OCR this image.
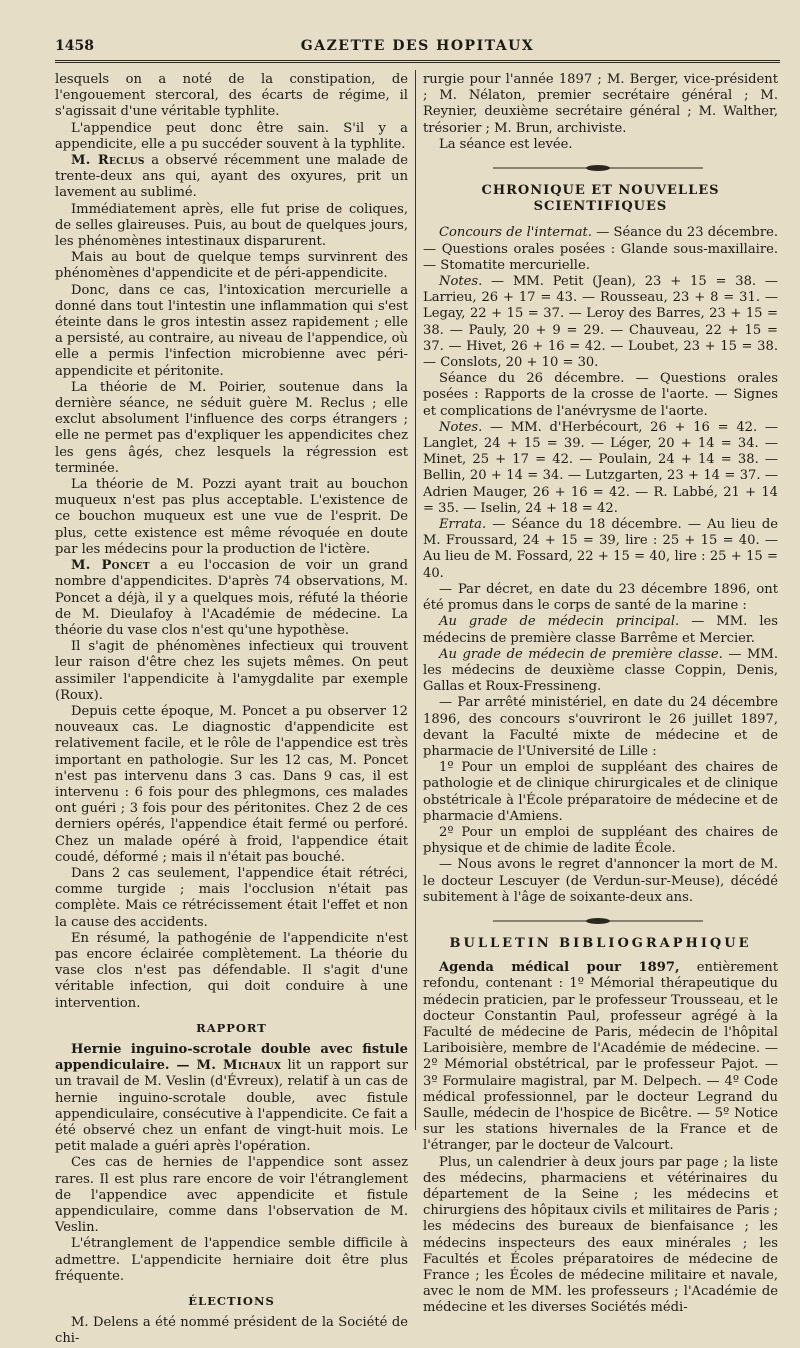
1458	GAZETTE DES HOPITAUX

lesquels on a noté de la constipation, de l'engouement stercoral, des écarts de régime, il s'agissait d'une véritable typhlite.

L'appendice peut donc être sain. S'il y a appendicite, elle a pu succéder souvent à la typhlite.

M. Reclus a observé récemment une malade de trente-deux ans qui, ayant des oxyures, prit un lavement au sublimé.

Immédiatement après, elle fut prise de coliques, de selles glaireuses. Puis, au bout de quelques jours, les phénomènes intestinaux disparurent.

Mais au bout de quelque temps survinrent des phénomènes d'appendicite et de péri-appendicite.

Donc, dans ce cas, l'intoxication mercurielle a donné dans tout l'intestin une inflammation qui s'est éteinte dans le gros intestin assez rapidement ; elle a persisté, au contraire, au niveau de l'appendice, où elle a permis l'infection microbienne avec péri-appendicite et péritonite.

La théorie de M. Poirier, soutenue dans la dernière séance, ne séduit guère M. Reclus ; elle exclut absolument l'influence des corps étrangers ; elle ne permet pas d'expliquer les appendicites chez les gens âgés, chez lesquels la régression est terminée.

La théorie de M. Pozzi ayant trait au bouchon muqueux n'est pas plus acceptable. L'existence de ce bouchon muqueux est une vue de l'esprit. De plus, cette existence est même révoquée en doute par les médecins pour la production de l'ictère.

M. Poncet a eu l'occasion de voir un grand nombre d'appendicites. D'après 74 observations, M. Poncet a déjà, il y a quelques mois, réfuté la théorie de M. Dieulafoy à l'Académie de médecine. La théorie du vase clos n'est qu'une hypothèse.

Il s'agit de phénomènes infectieux qui trouvent leur raison d'être chez les sujets mêmes. On peut assimiler l'appendicite à l'amygdalite par exemple (Roux).

Depuis cette époque, M. Poncet a pu observer 12 nouveaux cas. Le diagnostic d'appendicite est relativement facile, et le rôle de l'appendice est très important en pathologie. Sur les 12 cas, M. Poncet n'est pas intervenu dans 3 cas. Dans 9 cas, il est intervenu : 6 fois pour des phlegmons, ces malades ont guéri ; 3 fois pour des péritonites. Chez 2 de ces derniers opérés, l'appendice était fermé ou perforé. Chez un malade opéré à froid, l'appendice était coudé, déformé ; mais il n'était pas bouché.

Dans 2 cas seulement, l'appendice était rétréci, comme turgide ; mais l'occlusion n'était pas complète. Mais ce rétrécissement était l'effet et non la cause des accidents.

En résumé, la pathogénie de l'appendicite n'est pas encore éclairée complètement. La théorie du vase clos n'est pas défendable. Il s'agit d'une véritable infection, qui doit conduire à une intervention.

RAPPORT

Hernie inguino-scrotale double avec fistule appendiculaire. — M. Michaux lit un rapport sur un travail de M. Veslin (d'Évreux), relatif à un cas de hernie inguino-scrotale double, avec fistule appendiculaire, consécutive à l'appendicite. Ce fait a été observé chez un enfant de vingt-huit mois. Le petit malade a guéri après l'opération.

Ces cas de hernies de l'appendice sont assez rares. Il est plus rare encore de voir l'étranglement de l'appendice avec appendicite et fistule appendiculaire, comme dans l'observation de M. Veslin.

L'étranglement de l'appendice semble difficile à admettre. L'appendicite herniaire doit être plus fréquente.

ÉLECTIONS

M. Delens a été nommé président de la Société de chi-

rurgie pour l'année 1897 ; M. Berger, vice-président ; M. Nélaton, premier secrétaire général ; M. Reynier, deuxième secrétaire général ; M. Walther, trésorier ; M. Brun, archiviste.

La séance est levée.

CHRONIQUE ET NOUVELLES SCIENTIFIQUES

Concours de l'internat. — Séance du 23 décembre. — Questions orales posées : Glande sous-maxillaire. — Stomatite mercurielle.

Notes. — MM. Petit (Jean), 23 + 15 = 38. — Larrieu, 26 + 17 = 43. — Rousseau, 23 + 8 = 31. — Legay, 22 + 15 = 37. — Leroy des Barres, 23 + 15 = 38. — Pauly, 20 + 9 = 29. — Chauveau, 22 + 15 = 37. — Hivet, 26 + 16 = 42. — Loubet, 23 + 15 = 38. — Conslots, 20 + 10 = 30.

Séance du 26 décembre. — Questions orales posées : Rapports de la crosse de l'aorte. — Signes et complications de l'anévrysme de l'aorte.

Notes. — MM. d'Herbécourt, 26 + 16 = 42. — Langlet, 24 + 15 = 39. — Léger, 20 + 14 = 34. — Minet, 25 + 17 = 42. — Poulain, 24 + 14 = 38. — Bellin, 20 + 14 = 34. — Lutzgarten, 23 + 14 = 37. — Adrien Mauger, 26 + 16 = 42. — R. Labbé, 21 + 14 = 35. — Iselin, 24 + 18 = 42.

Errata. — Séance du 18 décembre. — Au lieu de M. Froussard, 24 + 15 = 39, lire : 25 + 15 = 40. — Au lieu de M. Fossard, 22 + 15 = 40, lire : 25 + 15 = 40.

— Par décret, en date du 23 décembre 1896, ont été promus dans le corps de santé de la marine :

Au grade de médecin principal. — MM. les médecins de première classe Barrême et Mercier.

Au grade de médecin de première classe. — MM. les médecins de deuxième classe Coppin, Denis, Gallas et Roux-Fressineng.

— Par arrêté ministériel, en date du 24 décembre 1896, des concours s'ouvriront le 26 juillet 1897, devant la Faculté mixte de médecine et de pharmacie de l'Université de Lille :

1º Pour un emploi de suppléant des chaires de pathologie et de clinique chirurgicales et de clinique obstétricale à l'École préparatoire de médecine et de pharmacie d'Amiens.

2º Pour un emploi de suppléant des chaires de physique et de chimie de ladite École.

— Nous avons le regret d'annoncer la mort de M. le docteur Lescuyer (de Verdun-sur-Meuse), décédé subitement à l'âge de soixante-deux ans.

BULLETIN BIBLIOGRAPHIQUE

Agenda médical pour 1897, entièrement refondu, contenant : 1º Mémorial thérapeutique du médecin praticien, par le professeur Trousseau, et le docteur Constantin Paul, professeur agrégé à la Faculté de médecine de Paris, médecin de l'hôpital Lariboisière, membre de l'Académie de médecine. — 2º Mémorial obstétrical, par le professeur Pajot. — 3º Formulaire magistral, par M. Delpech. — 4º Code médical professionnel, par le docteur Legrand du Saulle, médecin de l'hospice de Bicêtre. — 5º Notice sur les stations hivernales de la France et de l'étranger, par le docteur de Valcourt.

Plus, un calendrier à deux jours par page ; la liste des médecins, pharmaciens et vétérinaires du département de la Seine ; les médecins et chirurgiens des hôpitaux civils et militaires de Paris ; les médecins des bureaux de bienfaisance ; les médecins inspecteurs des eaux minérales ; les Facultés et Écoles préparatoires de médecine de France ; les Écoles de médecine militaire et navale, avec le nom de MM. les professeurs ; l'Académie de médecine et les diverses Sociétés médi-
